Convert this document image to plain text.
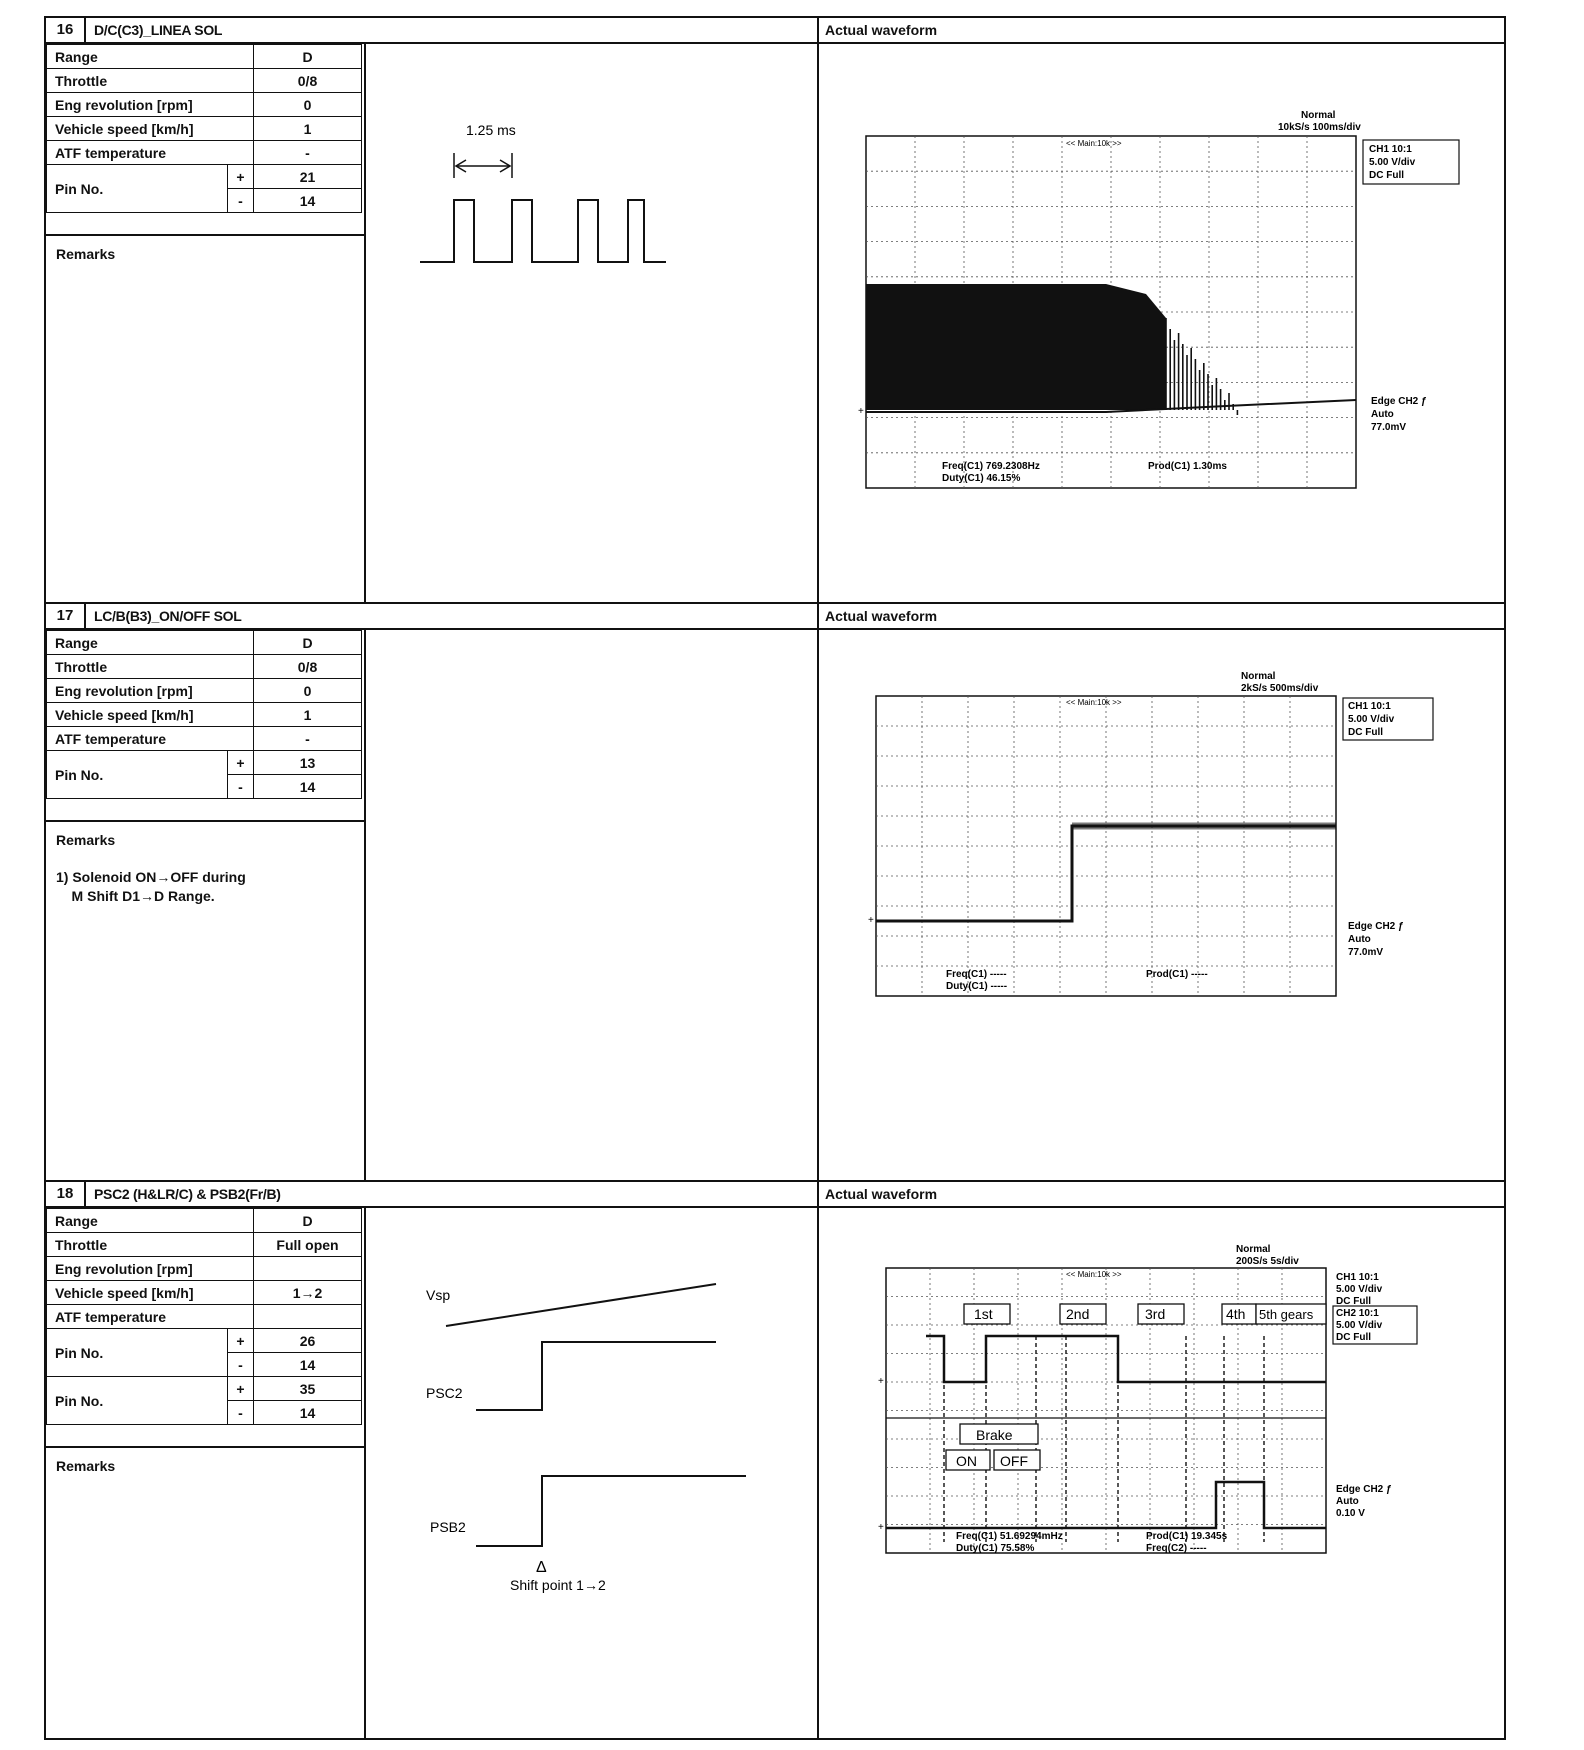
16	D/C(C3)_LINEA SOL	Actual waveform
Range		D
Throttle		0/8
Eng revolution [rpm]		0
Vehicle speed [km/h]		1
ATF temperature		-
Pin No.	+	21
	-	14
Remarks
1.25 ms
Normal
10kS/s 100ms/div
<< Main:10k >>
CH1 10:1
5.00 V/div
DC Full
+
Edge CH2 ƒ
Auto
77.0mV
Freq(C1) 769.2308Hz
Duty(C1) 46.15%
Prod(C1) 1.30ms
17	LC/B(B3)_ON/OFF SOL	Actual waveform
Range		D
Throttle		0/8
Eng revolution [rpm]		0
Vehicle speed [km/h]		1
ATF temperature		-
Pin No.	+	13
	-	14
Remarks
1) Solenoid ON→OFF during
M Shift D1→D Range.
Normal
2kS/s 500ms/div
<< Main:10k >>	CH1 10:1
5.00 V/div
DC Full
+
Edge CH2 ƒ
Auto
77.0mV
Freq(C1) -----
Duty(C1) -----
Prod(C1) -----
18	PSC2 (H&LR/C) & PSB2(Fr/B)	Actual waveform
Range		D
Throttle		Full open
Eng revolution [rpm]		
Vehicle speed [km/h]		1→2
ATF temperature		
Pin No.	+	26
	-	14
Pin No.	+	35
	-	14
Remarks
Vsp
PSC2
PSB2
Δ
Shift point 1→2
Normal
200S/s 5s/div
<< Main:10k >>	CH1 10:1
5.00 V/div
DC Full
CH2 10:1
5.00 V/div
DC Full
1st	2nd	3rd	4th 5th gears
+
+
Brake
ON OFF
Edge CH2 ƒ
Auto
0.10 V
Freq(C1) 51.69294mHz
Duty(C1) 75.58%
Prod(C1) 19.345s
Freq(C2) -----
